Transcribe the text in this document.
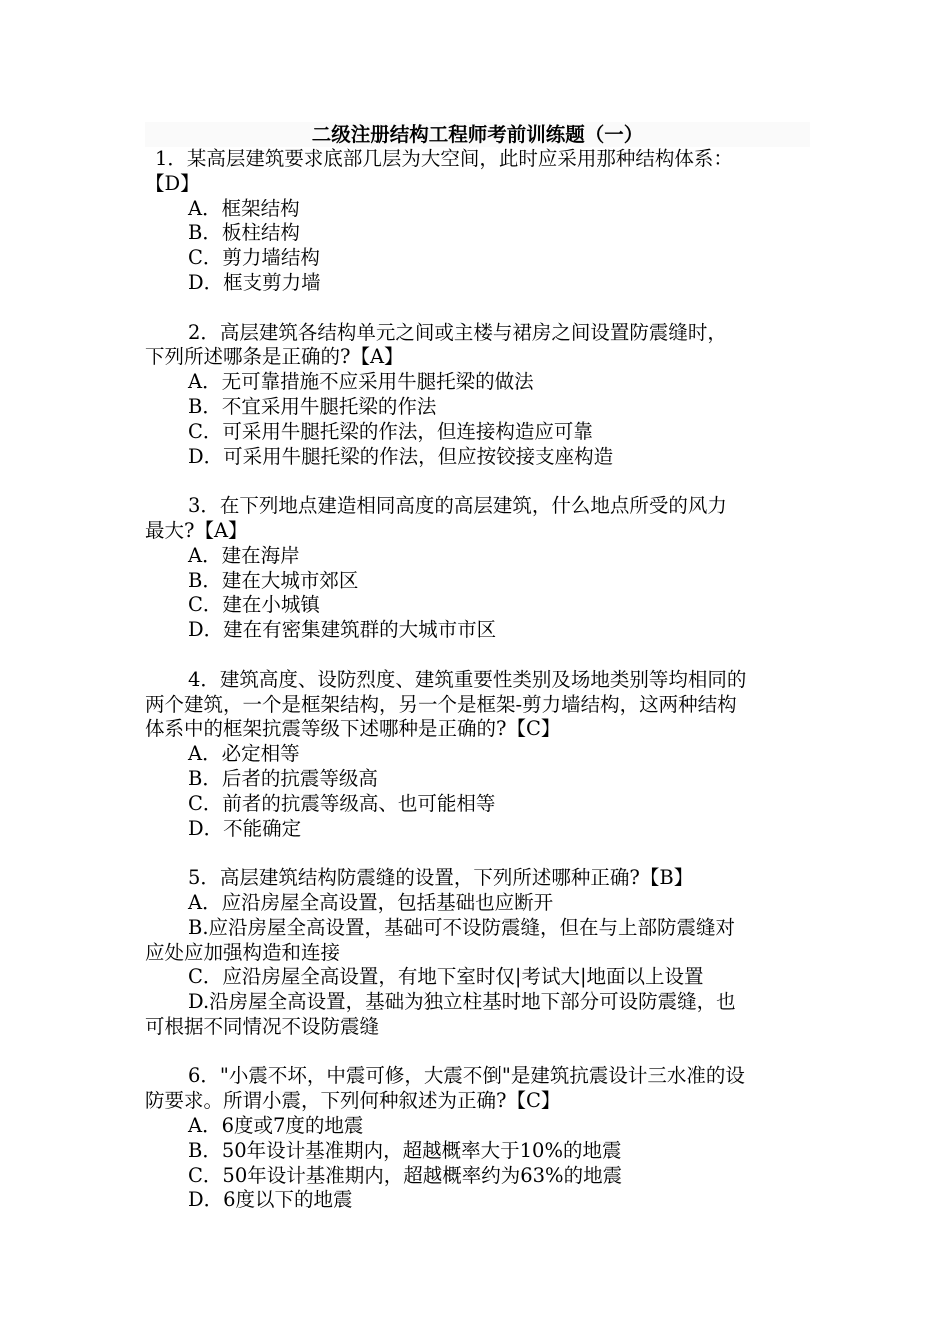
二级注册结构工程师考前训练题（一）
1．某高层建筑要求底部几层为大空间，此时应采用那种结构体系：
【D】
A．框架结构
B．板柱结构
C．剪力墙结构
D．框支剪力墙
2．高层建筑各结构单元之间或主楼与裙房之间设置防震缝时，
下列所述哪条是正确的?【A】
A．无可靠措施不应采用牛腿托梁的做法
B．不宜采用牛腿托梁的作法
C．可采用牛腿托梁的作法，但连接构造应可靠
D．可采用牛腿托梁的作法，但应按铰接支座构造
3．在下列地点建造相同高度的高层建筑，什么地点所受的风力
最大?【A】
A．建在海岸
B．建在大城市郊区
C．建在小城镇
D．建在有密集建筑群的大城市市区
4．建筑高度、设防烈度、建筑重要性类别及场地类别等均相同的
两个建筑，一个是框架结构，另一个是框架-剪力墙结构，这两种结构
体系中的框架抗震等级下述哪种是正确的?【C】
A．必定相等
B．后者的抗震等级高
C．前者的抗震等级高、也可能相等
D．不能确定
5．高层建筑结构防震缝的设置，下列所述哪种正确?【B】
A．应沿房屋全高设置，包括基础也应断开
B.应沿房屋全高设置，基础可不设防震缝，但在与上部防震缝对
应处应加强构造和连接
C．应沿房屋全高设置，有地下室时仅|考试大|地面以上设置
D.沿房屋全高设置，基础为独立柱基时地下部分可设防震缝，也
可根据不同情况不设防震缝
6．"小震不坏，中震可修，大震不倒"是建筑抗震设计三水准的设
防要求。所谓小震，下列何种叙述为正确?【C】
A．6度或7度的地震
B．50年设计基准期内，超越概率大于10%的地震
C．50年设计基准期内，超越概率约为63%的地震
D．6度以下的地震
